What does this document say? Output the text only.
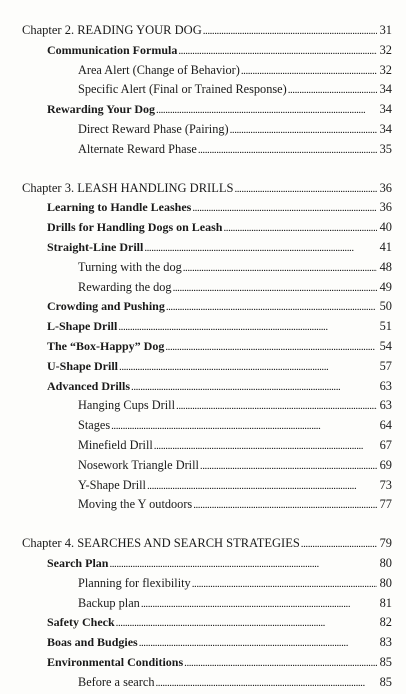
Chapter 2. READING YOUR DOG . . .	31
Communication Formula . . .	32
Area Alert (Change of Behavior) . . .	32
Specific Alert (Final or Trained Response) . . .	34
Rewarding Your Dog . . .	34
Direct Reward Phase (Pairing) . . .	34
Alternate Reward Phase . . .	35
Chapter 3. LEASH HANDLING DRILLS . . .	36
Learning to Handle Leashes . . .	36
Drills for Handling Dogs on Leash . . .	40
Straight-Line Drill . . .	41
Turning with the dog . . .	48
Rewarding the dog . . .	49
Crowding and Pushing . . .	50
L-Shape Drill . . .	51
The “Box-Happy” Dog . . .	54
U-Shape Drill . . .	57
Advanced Drills . . .	63
Hanging Cups Drill . . .	63
Stages . . .	64
Minefield Drill . . .	67
Nosework Triangle Drill . . .	69
Y-Shape Drill . . .	73
Moving the Y outdoors . . .	77
Chapter 4. SEARCHES AND SEARCH STRATEGIES . . .	79
Search Plan . . .	80
Planning for flexibility . . .	80
Backup plan . . .	81
Safety Check . . .	82
Boas and Budgies . . .	83
Environmental Conditions . . .	85
Before a search . . .	85
